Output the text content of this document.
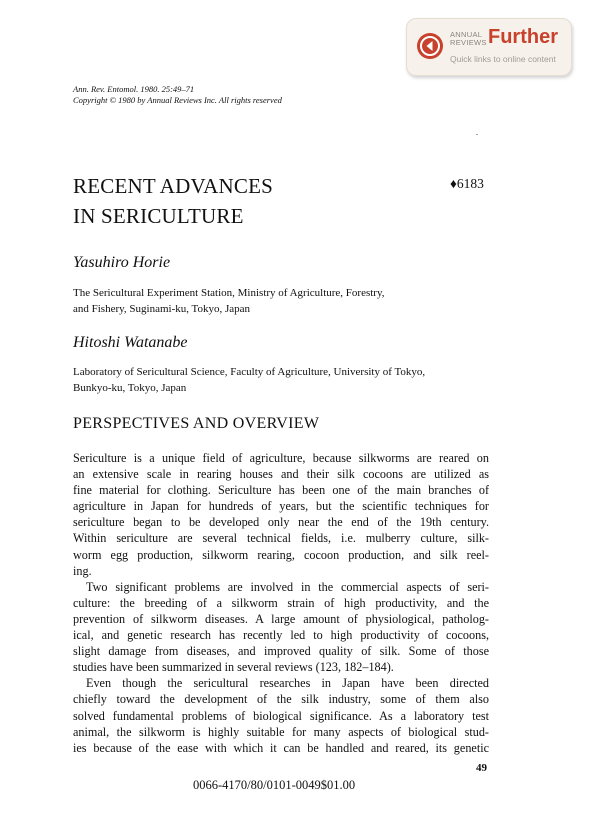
ANNUAL
REVIEWS Further
Quick links to online content
Ann. Rev. Entomol. 1980. 25:49–71
Copyright © 1980 by Annual Reviews Inc. All rights reserved
.
RECENT ADVANCES
IN SERICULTURE
♦6183
Yasuhiro Horie
The Sericultural Experiment Station, Ministry of Agriculture, Forestry,
and Fishery, Suginami-ku, Tokyo, Japan
Hitoshi Watanabe
Laboratory of Sericultural Science, Faculty of Agriculture, University of Tokyo,
Bunkyo-ku, Tokyo, Japan
PERSPECTIVES AND OVERVIEW
Sericulture is a unique field of agriculture, because silkworms are reared on
an extensive scale in rearing houses and their silk cocoons are utilized as
fine material for clothing. Sericulture has been one of the main branches of
agriculture in Japan for hundreds of years, but the scientific techniques for
sericulture began to be developed only near the end of the 19th century.
Within sericulture are several technical fields, i.e. mulberry culture, silk-
worm egg production, silkworm rearing, cocoon production, and silk reel-
ing.
Two significant problems are involved in the commercial aspects of seri-
culture: the breeding of a silkworm strain of high productivity, and the
prevention of silkworm diseases. A large amount of physiological, patholog-
ical, and genetic research has recently led to high productivity of cocoons,
slight damage from diseases, and improved quality of silk. Some of those
studies have been summarized in several reviews (123, 182–184).
Even though the sericultural researches in Japan have been directed
chiefly toward the development of the silk industry, some of them also
solved fundamental problems of biological significance. As a laboratory test
animal, the silkworm is highly suitable for many aspects of biological stud-
ies because of the ease with which it can be handled and reared, its genetic
49
0066-4170/80/0101-0049$01.00
